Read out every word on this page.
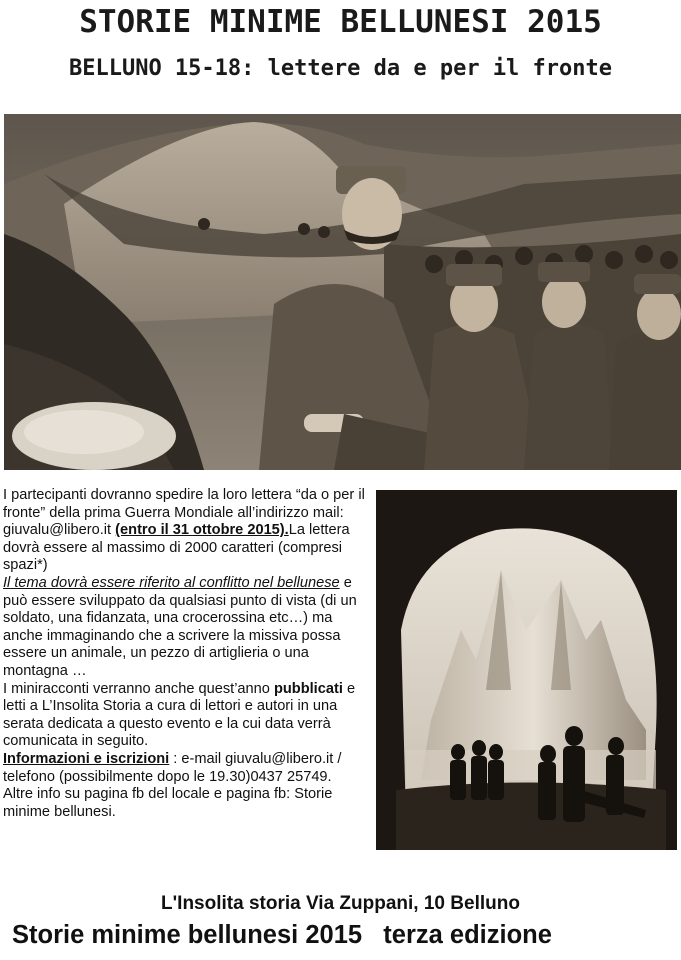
STORIE MINIME BELLUNESI 2015
BELLUNO 15-18: lettere da e per il fronte

I partecipanti dovranno spedire la loro lettera “da o per il fronte” della prima Guerra Mondiale all’indirizzo mail: giuvalu@libero.it (entro il 31 ottobre 2015).La lettera dovrà essere al massimo di 2000 caratteri (compresi spazi*)

Il tema dovrà essere riferito al conflitto nel bellunese e può essere sviluppato da qualsiasi punto di vista (di un soldato, una fidanzata, una crocerossina etc…) ma anche immaginando che a scrivere la missiva possa essere un animale, un pezzo di artiglieria o una montagna …

I miniracconti verranno anche quest’anno pubblicati e letti a L’Insolita Storia a cura di lettori e autori in una serata dedicata a questo evento e la cui data verrà comunicata in seguito.

Informazioni e iscrizioni : e-mail giuvalu@libero.it / telefono (possibilmente dopo le 19.30)0437 25749.

Altre info su pagina fb del locale e pagina fb: Storie minime bellunesi.

L'Insolita storia Via Zuppani, 10 Belluno
Storie minime bellunesi 2015   terza edizione
